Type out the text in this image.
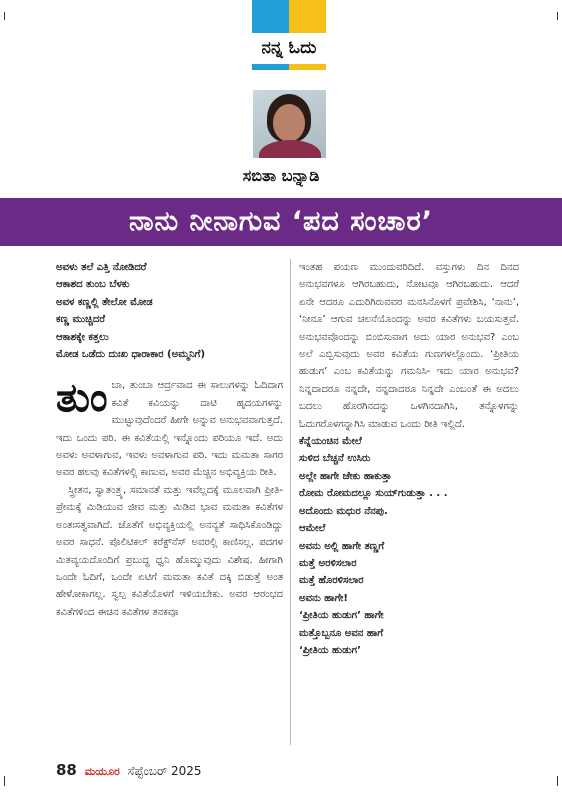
ನನ್ನ ಓದು
ಸಬಿತಾ ಬನ್ನಾಡಿ
ನಾನು ನೀನಾಗುವ ‘ಪದ ಸಂಚಾರ’
ಅವಳು ತಲೆ ಎತ್ತಿ ನೋಡಿದರೆ
ಆಕಾಶದ ತುಂಬ ಬೆಳಕು
ಅವಳ ಕಣ್ಣಲ್ಲಿ ತೇಲೋ ಮೋಡ
ಕಣ್ಣ ಮುಚ್ಚಿದರೆ
ಆಕಾಶಕ್ಕೇ ಕತ್ತಲು
ಮೋಡ ಒಡೆದು ದುಃಖ ಧಾರಾಕಾರ (ಅಮ್ಮನಿಗೆ)
ತುಂಬಾ, ತುಂಬಾ ಆರ್ದ್ರವಾದ ಈ ಸಾಲುಗಳನ್ನು ಓದಿದಾಗ ಕವಿತೆ ಕವಿಯನ್ನು ದಾಟಿ ಹೃದಯಗಳನ್ನು ಮುಟ್ಟುವುದೆಂದರೆ ಹೀಗೇ ಅನ್ನುವ ಅನುಭವವಾಗುತ್ತದೆ. ಇದು ಒಂದು ಪರಿ. ಈ ಕವಿತೆಯಲ್ಲಿ ಇನ್ನೊಂದು ಪರಿಯೂ ಇದೆ. ಅದು ಅವಳು ಅವಳಾಗುವ, ಇವಳು ಅವಳಾಗುವ ಪರಿ. ಇದು ಮಮತಾ ಸಾಗರ ಅವರ ಹಲವು ಕವಿತೆಗಳಲ್ಲಿ ಕಾಣುವ, ಅವರ ಮೆಚ್ಚಿನ ಅಭಿವ್ಯಕ್ತಿಯ ರೀತಿ.
ಸ್ತ್ರೀತನ, ಸ್ವಾತಂತ್ರ್ಯ, ಸಮಾನತೆ ಮತ್ತು ಇವೆಲ್ಲದಕ್ಕೆ ಮೂಲವಾಗಿ ಪ್ರೀತಿ- ಪ್ರೇಮಕ್ಕೆ ಮಿಡಿಯುವ ಜೀವ ಮತ್ತು ಮಿಡಿವ ಭಾವ ಮಮತಾ ಕವಿತೆಗಳ ಅಂತಃಸತ್ವವಾಗಿದೆ. ಜೊತೆಗೆ ಅಭಿವ್ಯಕ್ತಿಯಲ್ಲಿ ಅನನ್ಯತೆ ಸಾಧಿಸಿಕೊಂಡಿದ್ದು ಅವರ ಸಾಧನೆ. ಪೊಲಿಟಿಕಲ್ ಕರೆಕ್ಟ್‌ನೆಸ್ ಅವರಲ್ಲಿ ಕಾಣಿಸಲ್ಲ. ಪದಗಳ ಮಿತವ್ಯಯದೊಂದಿಗೆ ಪ್ರಬುದ್ಧ ಧ್ವನಿ ಹೊಮ್ಮುವುದು ವಿಶೇಷ. ಹೀಗಾಗಿ ಒಂದೇ ಓದಿಗೆ, ಒಂದೇ ಏಟಿಗೆ ಮಮತಾ ಕವಿತೆ ದಕ್ಕಿ ಬಿಡುತ್ತೆ ಅಂತ ಹೇಳೋಕಾಗಲ್ಲ. ಸ್ವಲ್ಪ ಕವಿತೆಯೊಳಗೆ ಇಳಿಯಬೇಕು. ಅವರ ಆರಂಭದ ಕವಿತೆಗಳಿಂದ ಈಚಿನ ಕವಿತೆಗಳ ತನಕವೂ
ಇಂತಹ ಪಯಣ ಮುಂದುವರಿದಿದೆ. ವಸ್ತುಗಳು ದಿನ ದಿನದ ಅನುಭವಗಳೂ ಆಗಿರಬಹುದು, ನೋಟವೂ ಆಗಿರಬಹುದು. ಆದರೆ ಏನೇ ಆದರೂ ಎದುರಿಗಿರುವವರ ಮನಸಿನೊಳಗೆ ಪ್ರವೇಶಿಸಿ, ‘ನಾನು’, ‘ನೀನೂ’ ಆಗುವ ಚಲನೆಯೊಂದನ್ನು ಅವರ ಕವಿತೆಗಳು ಬಯಸುತ್ತವೆ. ಅನುಭವವೊಂದನ್ನು ಬಿಂಬಿಸುವಾಗ ಅದು ಯಾರ ಅನುಭವ? ಎಂಬ ಅಲೆ ಎಬ್ಬಿಸುವುದು ಅವರ ಕವಿತೆಯ ಗುಣಗಳಲ್ಲೊಂದು. ‘ಪ್ರೀತಿಯ ಹುಡುಗ’ ಎಂಬ ಕವಿತೆಯನ್ನು ಗಮನಿಸಿ- ಇದು ಯಾರ ಅನುಭವ? ನಿನ್ನದಾದರೂ ನನ್ನದೇ, ನನ್ನದಾದರೂ ನಿನ್ನದೇ ಎಂಬಂತೆ ಈ ಅದಲು ಬದಲು ಹೊರಗಿನದನ್ನು ಒಳಗಿನದಾಗಿಸಿ, ತನ್ನೊಳಗನ್ನು ಓದುಗರೊಳಗನ್ನಾಗಿಸಿ ಮಾಡುವ ಒಂದು ರೀತಿ ಇಲ್ಲಿದೆ.
ಕೆನ್ನೆಯಂಚಿನ ಮೇಲೆ
ಸುಳಿದ ಬೆಚ್ಚನೆ ಉಸಿರು
ಅಲ್ಲೇ ಹಾಗೇ ಜೇಕು ಹಾಕುತ್ತಾ
ರೋಮ ರೋಮದಲ್ಲೂ ಸುಯ್‌ಗುಡುತ್ತಾ . . .
ಅದೊಂದು ಮಧುರ ನೆನಪು.
ಆಮೇಲೆ
ಅವನು ಅಲ್ಲಿ ಹಾಗೇ ತಣ್ಣಗೆ
ಮತ್ತೆ ಅರಳಿಸಲಾರ
ಮತ್ತೆ ಹೊರಳಿಸಲಾರ
ಅವನು ಹಾಗೇ!
‘ಪ್ರೀತಿಯ ಹುಡುಗ’ ಹಾಗೇ
ಮತ್ತೊಬ್ಬನೂ ಅವನ ಹಾಗೆ
‘ಪ್ರೀತಿಯ ಹುಡುಗ’
88 ಮಯೂರ ಸೆಪ್ಟೆಂಬರ್ 2025
